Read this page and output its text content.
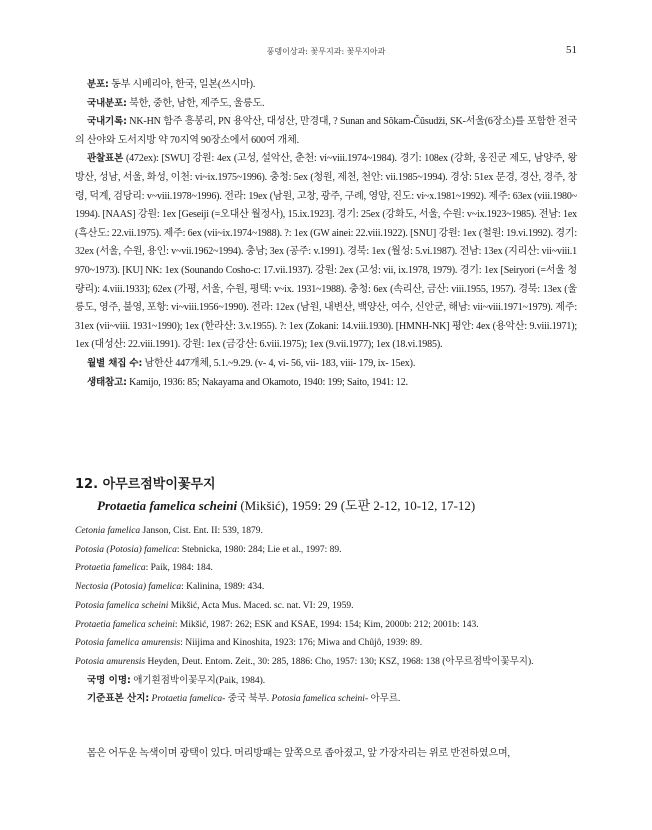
풍뎅이상과: 꽃무지과: 꽃무지아과	51

분포: 동부 시베리아, 한국, 일본(쓰시마).

국내분포: 북한, 중한, 남한, 제주도, 울릉도.

국내기록: NK-HN 함주 흥봉리, PN 용악산, 대성산, 만경대, ? Sunan and Sŏkam-Čŭsudži, SK-서울(6장소)를 포함한 전국의 산야와 도서지방 약 70지역 90장소에서 600여 개체.

관찰표본 (472ex): [SWU] 강원: 4ex (고성, 설악산, 춘천: vi~viii.1974~1984). 경기: 108ex (강화, 옹진군 제도, 남양주, 왕방산, 성남, 서울, 화성, 이천: vi~ix.1975~1996). 충청: 5ex (청원, 제천, 천안: vii.1985~1994). 경상: 51ex 문경, 경산, 경주, 창령, 덕계, 검당리: v~viii.1978~1996). 전라: 19ex (남원, 고창, 광주, 구례, 영암, 진도: vi~x.1981~1992). 제주: 63ex (viii.1980~1994). [NAAS] 강원: 1ex [Geseiji (=오대산 월정사), 15.ix.1923]. 경기: 25ex (강화도, 서울, 수원: v~ix.1923~1985). 전남: 1ex (흑산도: 22.vii.1975). 제주: 6ex (vii~ix.1974~1988). ?: 1ex (GW ainei: 22.viii.1922). [SNU] 강원: 1ex (철원: 19.vi.1992). 경기: 32ex (서울, 수원, 용인: v~vii.1962~1994). 충남; 3ex (공주: v.1991). 경북: 1ex (월성: 5.vi.1987). 전남: 13ex (지리산: vii~viii.1970~1973). [KU] NK: 1ex (Sounando Cosho-c: 17.vii.1937). 강원: 2ex (고성: vii, ix.1978, 1979). 경기: 1ex [Seiryori (=서울 청량리): 4.viii.1933]; 62ex (가평, 서울, 수원, 평택: v~ix. 1931~1988). 충청: 6ex (속리산, 금산: viii.1955, 1957). 경북: 13ex (울릉도, 영주, 불영, 포항: vi~viii.1956~1990). 전라: 12ex (남원, 내변산, 백양산, 여수, 신안군, 해남: vii~viii.1971~1979). 제주: 31ex (vii~viii. 1931~1990); 1ex (한라산: 3.v.1955). ?: 1ex (Zokani: 14.viii.1930). [HMNH-NK] 평안: 4ex (용악산: 9.viii.1971); 1ex (대성산: 22.viii.1991). 강원: 1ex (금강산: 6.viii.1975); 1ex (9.vii.1977); 1ex (18.vi.1985).

월별 채집 수: 남한산 447개체, 5.1.~9.29. (v- 4, vi- 56, vii- 183, viii- 179, ix- 15ex).

생태참고: Kamijo, 1936: 85; Nakayama and Okamoto, 1940: 199; Saito, 1941: 12.

12. 아무르점박이꽃무지
Protaetia famelica scheini (Mikšić), 1959: 29 (도판 2-12, 10-12, 17-12)

Cetonia famelica Janson, Cist. Ent. II: 539, 1879.

Potosia (Potosia) famelica: Stebnicka, 1980: 284; Lie et al., 1997: 89.

Protaetia famelica: Paik, 1984: 184.

Nectosia (Potosia) famelica: Kalinina, 1989: 434.

Potosia famelica scheini Mikšić, Acta Mus. Maced. sc. nat. VI: 29, 1959.

Protaetia famelica scheini: Mikšić, 1987: 262; ESK and KSAE, 1994: 154; Kim, 2000b: 212; 2001b: 143.

Potosia famelica amurensis: Niijima and Kinoshita, 1923: 176; Miwa and Chûjô, 1939: 89.

Potosia amurensis Heyden, Deut. Entom. Zeit., 30: 285, 1886: Cho, 1957: 130; KSZ, 1968: 138 (아무르점박이꽃무지).

국명 이명: 애기흰점박이꽃무지(Paik, 1984).

기준표본 산지: Protaetia famelica- 중국 북부. Potosia famelica scheini- 아무르.

몸은 어두운 녹색이며 광택이 있다. 머리방패는 앞쪽으로 좁아졌고, 앞 가장자리는 위로 반전하였으며,
